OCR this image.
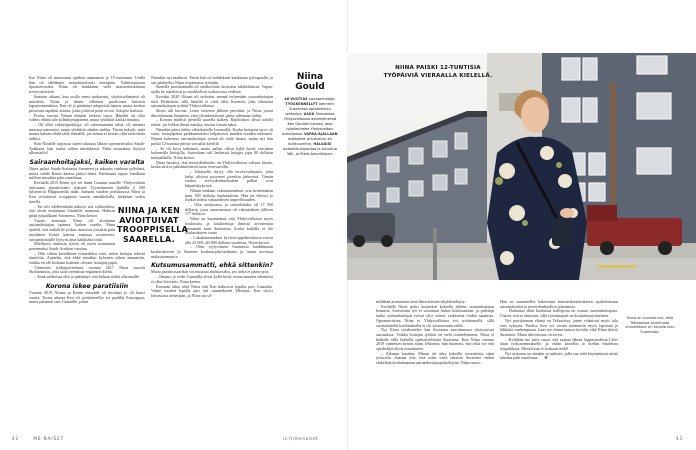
Itse Niina oli innostunut optikon ammatista jo 15-vuotiaana. Uralla hän oli tähdännyt määrätietoisesti eteenpäin. Valmistuttuaan optometristiksi Niina oli hankkinut vielä maisteritutkinnon terveystieteistä.

Samaan aikaan, kun uralla meni mukavasti, yksityiselämässä oli murheita. Niina ja hänen silloinen puolisonsa kärsivät lapsettomuudesta. Pari oli jo päättänyt adoptoida lapsen, mutta kesken prosessin tapahtui asioita, jotka johtivat parin eroon. Adoptio kariutui.

Erosta seurasi Niinan elämän vaikein vuosi. Hänellä oli ollut valmis elämä alle kolmikymppisenä, mutta yhtäkkiä kaikki muuttui.

– Oli ollut vakityöpaikkoja, oli rakennuttanut talon, oli mennyt nuorena naimisiin, mutta yhtäkkiä olinkin sinkku. Tiistin kekoili, mitä muuta haluan tehdä tällä elämällä, jos minua ei kerran ollut tarkoitettu äidiksi.

Kun Niinalle tarjoutui sitten tilaisuus lähteä optometristiksi Saudi-Arabiaan, hän tarttui siihen innokkaasti. Ehkä vastauksia löytyisi ulkomailta?

Sairaanhoitajaksi, kaiken varalta

Niina palasi Saudi-Arabiasta Suomeen ja takaisin vanhaan työhönsä, mutta suhde Kenin kanssa jatkoi etänä. Pariskunta tapasi lomillaan milloin missäkin päin maailmaa.

Keväällä 2015 Kenin työ vei hänet Guamin saarelle. Yhdysvaltain omistama paratiisisaari sijaitsee Tyynenmeren laidalla 2 500 kilometriä Filippiineiltä itään. Samaan vuoden joulukuussa Niina ja Ken avioituivat trooppisen saaren rantahiekalla, kirkkaan veden äärellä.

– En silti edelleenkään näkisyt sitä vaihtoehtoa, että olisin muuttanut Guamille asumaan. Halusin pitää työpaikkani Suomessa, Niina kertoo.

Vuotta aiemmin Niina oli aloittanut sairaanhoitajan opinnot, kaiken varalta. Niina ajatteli, että mikäli he joskus asuisivat jossakin päin maailmaa Kenin kanssa samassa osoitteessa, sairaanhoitajille löytyisi aina kaikkialta töitä.

Mielikuva rankasta työstä oli myös muuttanut parenmaksi Saudi-Arabian vuosina.

– Olin vähän katsellinen esimerkiksi siitä, miten hoitajat tekivät tämitöitä. Ajattelin, että ehkä minäkin kykenen siihen ammattiin, vaikka en ole koskaan kokenut olevani hoitajatyyppiä.

Viimeisen työharjoittelunsa vuonna 2017 Niina suoritti Skotlannissa, jotta saisi treenattua englannin kieltä.

– Siinä vaiheessa olin jo päättänyt, että haluan töihin ulkomaille.

Korona iskee paratiisiin

Vuonna 2019 Niinan ja Kenin etäsuhde oli kestänyt jo yli kuusi vuotta. Tuona aikana Ken oli työskennellyt eri puolilla Eurooppaa, mutta palannut taas Guamille, jonne

NIINA JA KEN AVIOITUIVAT TROOPPISELLA SAARELLA.

Niinakin nyt matkusti. Ensin hän oli kahdeksan kuukautta työvapaalla, ja sen päätteeksi Niina irtisanoutui työstään.

Saarella pariskunnalla oli omakotitalo laivaston tukikohdassa. Vapaa-ajalla he sukelsivat ja snorkkelivat turkoosissa vedessä.

Keväksi 2020 Niinan oli tarkoitus mennä terhemään sairaanhoitajan töitä Helsinkiin, sillä hänellä ei vielä ollut lisenssiä, joka oikeuttaa sairaanhoitajan työhön Yhdysvalloissa.

Sitten tuli korona. Lento toisensa jälkeen peruttiin, ja Niina joutui ilmoittamaan Suomeen, ettei yksinkertaisesti pääse tulemaan töihin.

– Korona mullisti pienellä saarella kaiken. Rajoitukset olivat todella tiukat: jos liikkui ilman maskia, seurasi tonnin sakot.

Niinakin pääsi töihin väliaikaisella lisenssillä. Koska hoitajien tarve oli suuri, hoitajapulan paikkaamiseksi helpaisivat muiden maiden tutkinnot. Niinan kokemus sairaanhoitajan työstä oli vielä hatara, mutta nyt hän paiski 12-tuntisia päiviä vieraalla kielellä.

– Se oli kova kokemus, mutta palkat olivat kyllä hyvät varsinkin kokeneilla hoitajilla. Sairaalaan tuli Jenkeistä hoitajia jopa 80 dollarin tuntipalkalla, Niina kertoo.

Niina havaitsi, että terveydenhuolto on Yhdysvalloissa valtava bisnes, koska siitä ei pääsääntöisesti tueta verovaroilla.

– Jokaisella täytyy olla terveysvakuutus, jotta kulut olisivat pysyneet jotenkin järkevinä. Tämän vuoksi terveydenhuoltoalan palkat ovat kilpailukykyisiä.

Niinan mukaan vakuutusmaksut ovat keskimäärin noin 100 dollaria kuukaudessa. Hän on ehtinyt jo itsekin todeta vakuutuksen tarpeellisuuden.

– Olin ensiavussa, ja sairaalalasku oli 17 500 dollaria, josta omavastuuni oli vakuutuksen jälkeen 177 dollaria.

Niina on huomannut, että Yhdysvalloissa myös koulutusta ja koulutettuja ihmisiä arvostetaan enemmän kuin Suomessa, koska kaikilla ei ole koulutukseen varaa.

– Lukukausimaksut kyvissä oppilaitoksissa voivat olla 25 000–40 000 dollaria vuodessa, Niina kertoo.

– Olen tyytyväinen Suomessa hankkimaan koulutukseeni ja Suomen koulutusjärjestelmään ja osaan arvostaa maksuttomuutta.

Kutsumusammatti, ehkä sittenkin?

Mutta paratiisisaarikin voi muuttua ahdistavaksi, jos sieltä ei pääse pois.

– Ilmasto ja vedet Guamilla olivat kyllä kivat, mutta muuten tekemistä ei ollut hirveästi, Niina kertoo.

Koronan takia sekä Niina että Ken halusivat lopulta pois Guamilta. Viime vuoden lopulla pari otti suunnakseen Teksasin. Ken siirtyi laivastosta armeijaan, ja Niina sai sil-

Niina
Gould
46-VUOTIAS sairaanhoitaja. TYÖSKENNELLYT aiemmin Suomessa optometrian lehtorina. ASUU Teksasissa Yhdysvalloissa aviomiehensä Ken Gouldin kanssa, joka työskentelee Yhdysvaltain armeijassa. VAPAA-AJALLAAN matkailee ja tutustuu eri kulttuureihin. HALUAISI opiskella espanjaa ja tutustua Väli- ja Etelä-Amerikkaan.
42	ME NAISET	is.fi/menaiset
NIINA PAISKI 12-TUNTISIA TYÖPÄIVIÄ VIERAALLA KIELELLÄ.

millähän asiantuntin tästä ilmavoimien sihyhkiinkäyty.

Keväällä Niina pääsi kuitenkin kokeilla jälleen sairaanhoitajan hommia. Assistentin työ ei vastannut hänen koulutustaan, ja pidempi tauko sairaanhoitajan työstä olisi voinut vaikeuttaa töiden saamista. Optometristina Niina ei Yhdysvalloissa voi työskennellä, sillä suomalaisella koulutuksella ei ole vastaavuutta siellä.

Nyt Niina työskentelee San Antonion suurimmassa yksityisessä sairaalassa. Vaikka hoitajan työhön on vielä totutteleminen, Niina ei haikaile tällä hetkellä opetustyöhönsä Suomeen. Kun Niina vuonna 2019 viimeisen kerran toimi lehtorina, hän huomasi, että sekä työ että opiskelijat olivat muuttuneet.

– Aikansa kutakin. Minun oli aika kokeilla toisenlaisia sipiä työuralla. Saattaa olla, että tulen vielä takaisin Suomeen ennen eläkeikää kouluttamaan sairaanhoitajaopiskelijoita, Niina sanoo.

Hän on suunnitellut hakevansa maisterikoulutukseen opiskelemaan sairaanhoidon ja terveydenhuollon johtamista.

– Haluaisin ehkä kouluttaa kollegoita tai toimia osastonhoitajana. Uskon, että se onnistuu, sillä työnantajani on koulutusmyönteinen.

Nyt pariskunnan elämä on Teksasissa, jonne valmistui myös talo ensi syksynä. Puoliso Ken voi tavata useammin myös lapsiaan ja lähkäitä vanhempiaan. Juuri nyt elämä tuntuu hyvältä, eikä Niina ikävöi Suomeen. Mutta tulevaisuus on avoin.

– Kyllähän tuo mies sanoi, että saattaa lähteä loppuvuodesta Lähi-itään työkomennukselle, ja vähän katsellin jo itsekin Saudeista työpaikkoja. Meistä kun ei koskaan tiedä!

Nyt taskussa on ainakin se tutkinto, jolla saa töitä käytännössä mistä tahansa päin maailmaa. ❁

Niina on huomannut, että Teksasissa koulutusta arvostetaan eri tavalla kuin Suomessa.
43
